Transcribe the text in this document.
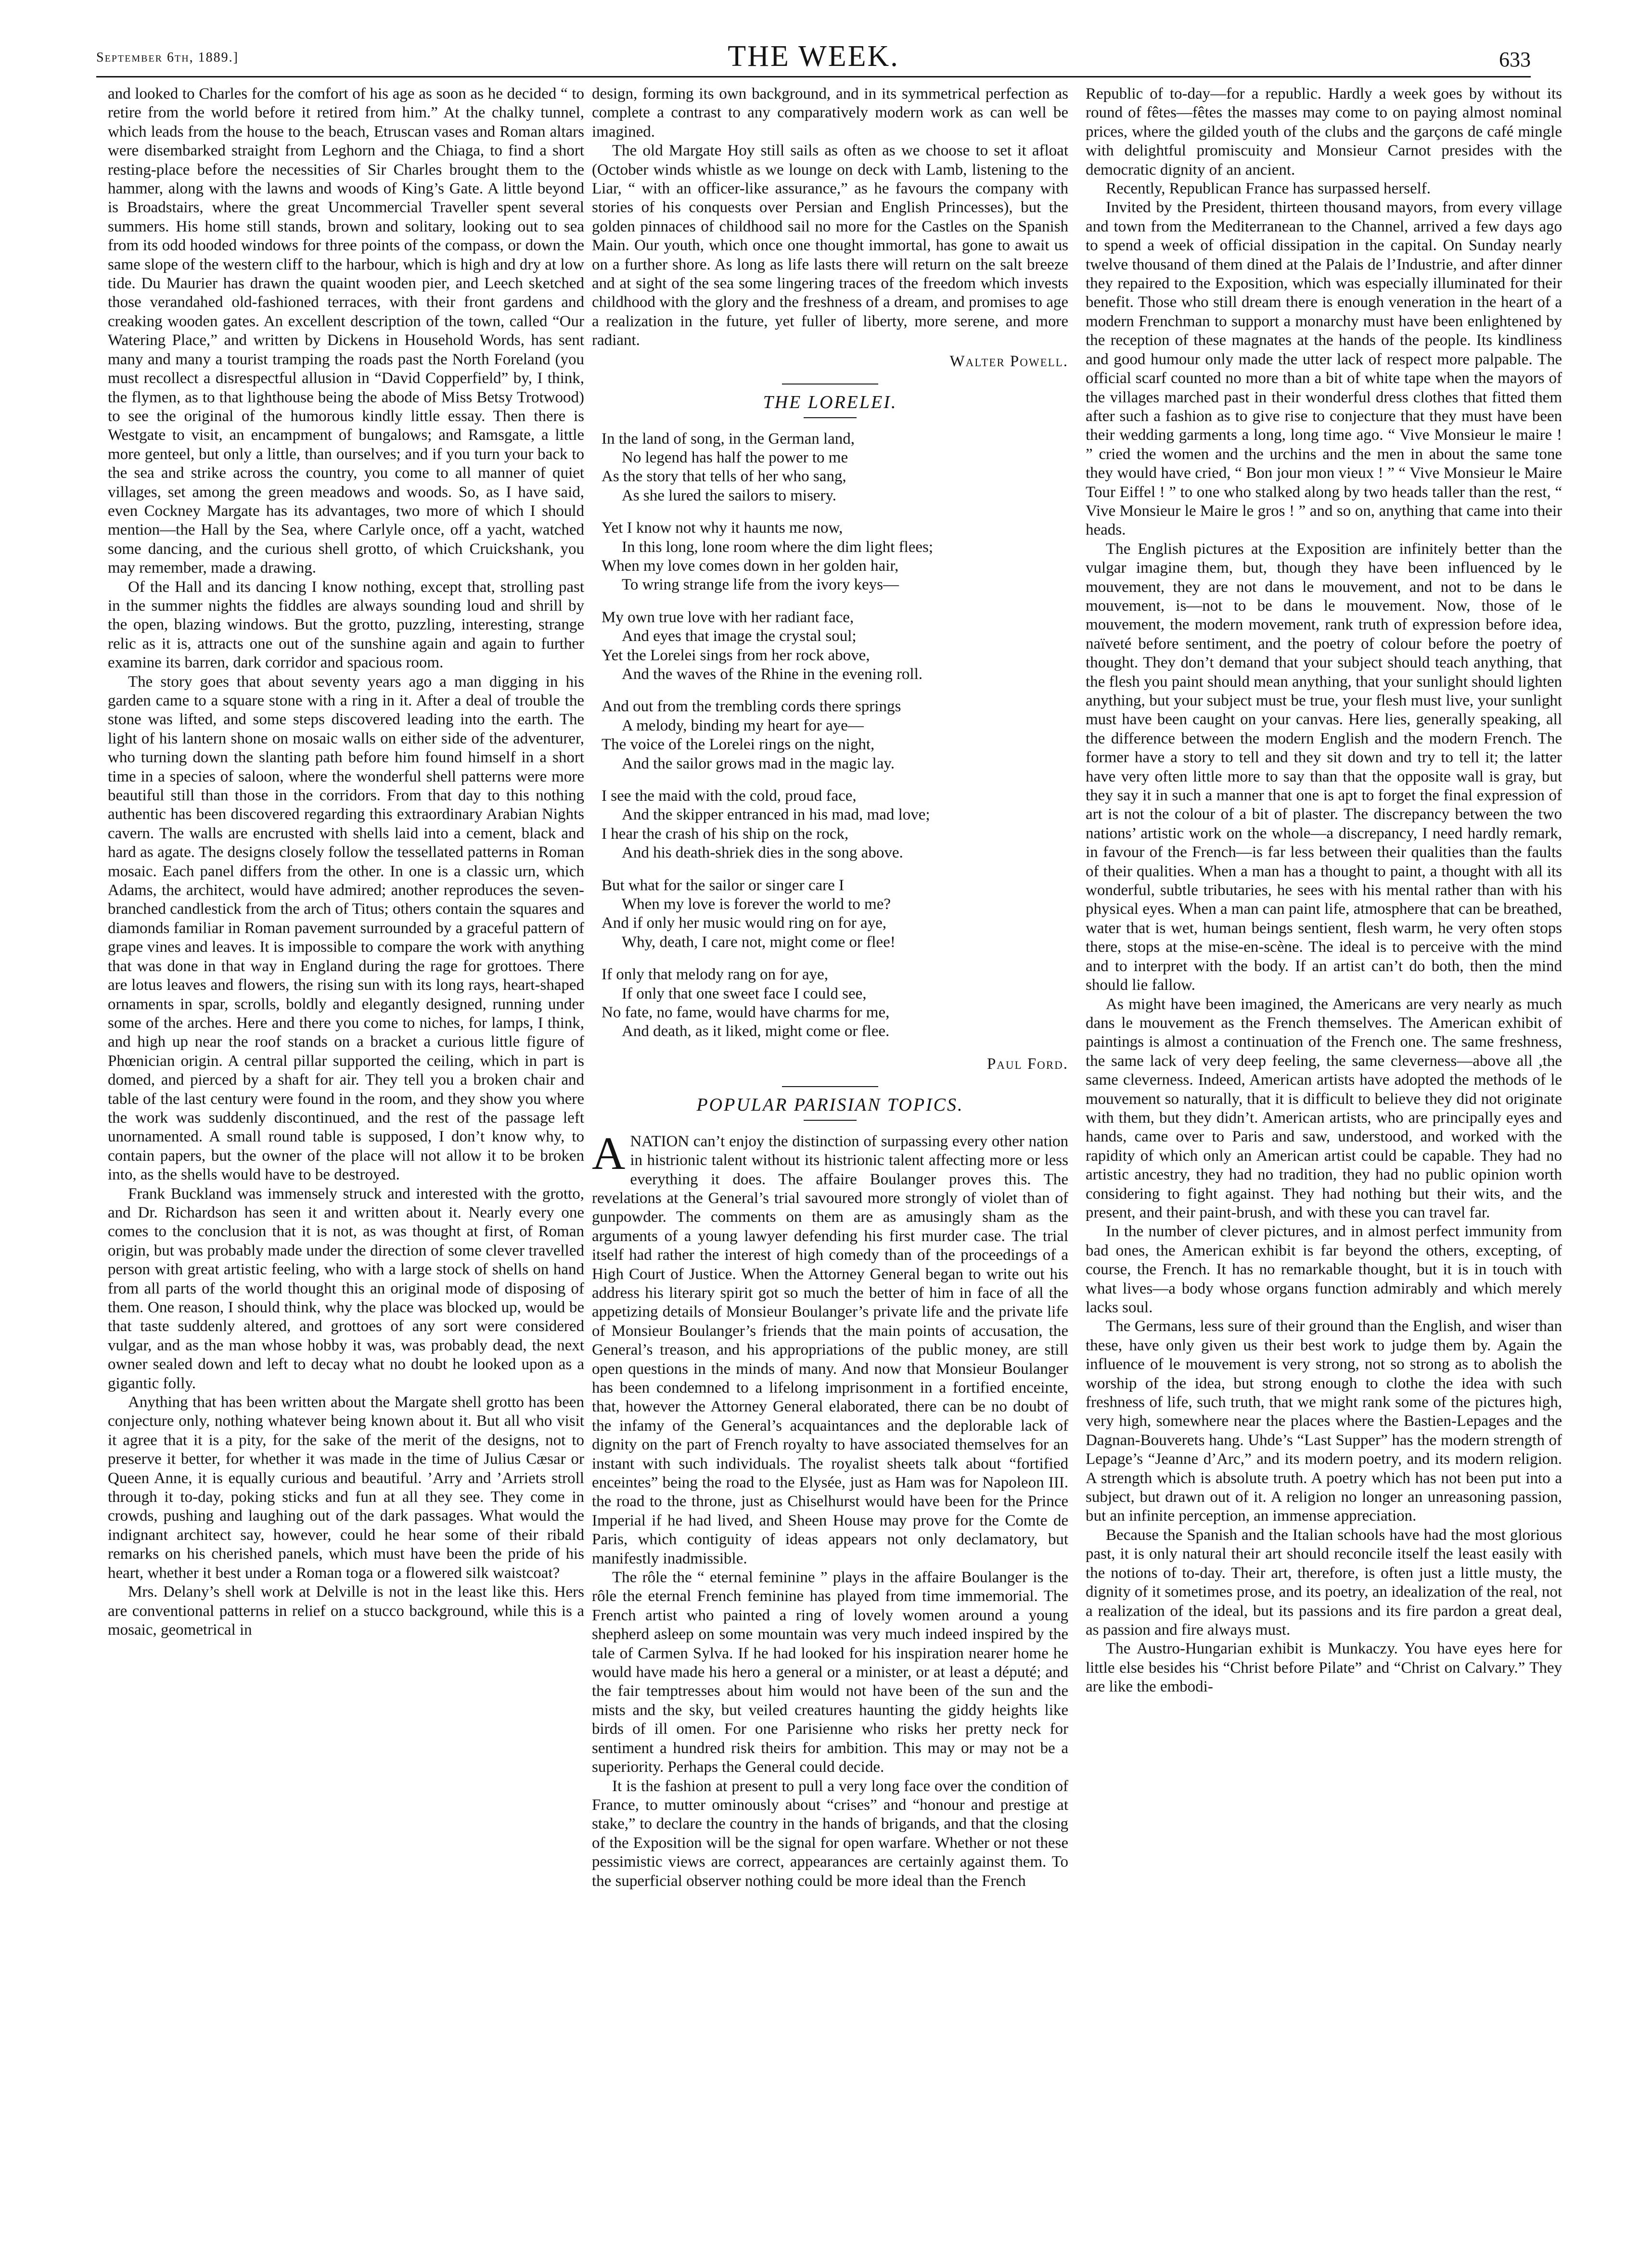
September 6th, 1889.]	THE WEEK.	633

and looked to Charles for the comfort of his age as soon as he decided “ to retire from the world before it retired from him.” At the chalky tunnel, which leads from the house to the beach, Etruscan vases and Roman altars were disembarked straight from Leghorn and the Chiaga, to find a short resting-place before the necessities of Sir Charles brought them to the hammer, along with the lawns and woods of King’s Gate. A little beyond is Broadstairs, where the great Uncommercial Traveller spent several summers. His home still stands, brown and solitary, looking out to sea from its odd hooded windows for three points of the compass, or down the same slope of the western cliff to the harbour, which is high and dry at low tide. Du Maurier has drawn the quaint wooden pier, and Leech sketched those verandahed old-fashioned terraces, with their front gardens and creaking wooden gates. An excellent description of the town, called “Our Watering Place,” and written by Dickens in Household Words, has sent many and many a tourist tramping the roads past the North Foreland (you must recollect a disrespectful allusion in “David Copperfield” by, I think, the flymen, as to that lighthouse being the abode of Miss Betsy Trotwood) to see the original of the humorous kindly little essay. Then there is Westgate to visit, an encampment of bungalows; and Ramsgate, a little more genteel, but only a little, than ourselves; and if you turn your back to the sea and strike across the country, you come to all manner of quiet villages, set among the green meadows and woods. So, as I have said, even Cockney Margate has its advantages, two more of which I should mention—the Hall by the Sea, where Carlyle once, off a yacht, watched some dancing, and the curious shell grotto, of which Cruickshank, you may remember, made a drawing.

Of the Hall and its dancing I know nothing, except that, strolling past in the summer nights the fiddles are always sounding loud and shrill by the open, blazing windows. But the grotto, puzzling, interesting, strange relic as it is, attracts one out of the sunshine again and again to further examine its barren, dark corridor and spacious room.

The story goes that about seventy years ago a man digging in his garden came to a square stone with a ring in it. After a deal of trouble the stone was lifted, and some steps discovered leading into the earth. The light of his lantern shone on mosaic walls on either side of the adventurer, who turning down the slanting path before him found himself in a short time in a species of saloon, where the wonderful shell patterns were more beautiful still than those in the corridors. From that day to this nothing authentic has been discovered regarding this extraordinary Arabian Nights cavern. The walls are encrusted with shells laid into a cement, black and hard as agate. The designs closely follow the tessellated patterns in Roman mosaic. Each panel differs from the other. In one is a classic urn, which Adams, the architect, would have admired; another reproduces the seven-branched candlestick from the arch of Titus; others contain the squares and diamonds familiar in Roman pavement surrounded by a graceful pattern of grape vines and leaves. It is impossible to compare the work with anything that was done in that way in England during the rage for grottoes. There are lotus leaves and flowers, the rising sun with its long rays, heart-shaped ornaments in spar, scrolls, boldly and elegantly designed, running under some of the arches. Here and there you come to niches, for lamps, I think, and high up near the roof stands on a bracket a curious little figure of Phœnician origin. A central pillar supported the ceiling, which in part is domed, and pierced by a shaft for air. They tell you a broken chair and table of the last century were found in the room, and they show you where the work was suddenly discontinued, and the rest of the passage left unornamented. A small round table is supposed, I don’t know why, to contain papers, but the owner of the place will not allow it to be broken into, as the shells would have to be destroyed.

Frank Buckland was immensely struck and interested with the grotto, and Dr. Richardson has seen it and written about it. Nearly every one comes to the conclusion that it is not, as was thought at first, of Roman origin, but was probably made under the direction of some clever travelled person with great artistic feeling, who with a large stock of shells on hand from all parts of the world thought this an original mode of disposing of them. One reason, I should think, why the place was blocked up, would be that taste suddenly altered, and grottoes of any sort were considered vulgar, and as the man whose hobby it was, was probably dead, the next owner sealed down and left to decay what no doubt he looked upon as a gigantic folly.

Anything that has been written about the Margate shell grotto has been conjecture only, nothing whatever being known about it. But all who visit it agree that it is a pity, for the sake of the merit of the designs, not to preserve it better, for whether it was made in the time of Julius Cæsar or Queen Anne, it is equally curious and beautiful. ’Arry and ’Arriets stroll through it to-day, poking sticks and fun at all they see. They come in crowds, pushing and laughing out of the dark passages. What would the indignant architect say, however, could he hear some of their ribald remarks on his cherished panels, which must have been the pride of his heart, whether it best under a Roman toga or a flowered silk waistcoat?

Mrs. Delany’s shell work at Delville is not in the least like this. Hers are conventional patterns in relief on a stucco background, while this is a mosaic, geometrical in

design, forming its own background, and in its symmetrical perfection as complete a contrast to any comparatively modern work as can well be imagined.

The old Margate Hoy still sails as often as we choose to set it afloat (October winds whistle as we lounge on deck with Lamb, listening to the Liar, “ with an officer-like assurance,” as he favours the company with stories of his conquests over Persian and English Princesses), but the golden pinnaces of childhood sail no more for the Castles on the Spanish Main. Our youth, which once one thought immortal, has gone to await us on a further shore. As long as life lasts there will return on the salt breeze and at sight of the sea some lingering traces of the freedom which invests childhood with the glory and the freshness of a dream, and promises to age a realization in the future, yet fuller of liberty, more serene, and more radiant.

Walter Powell.
THE LORELEI.
In the land of song, in the German land,
No legend has half the power to me
As the story that tells of her who sang,
As she lured the sailors to misery.
Yet I know not why it haunts me now,
In this long, lone room where the dim light flees;
When my love comes down in her golden hair,
To wring strange life from the ivory keys—
My own true love with her radiant face,
And eyes that image the crystal soul;
Yet the Lorelei sings from her rock above,
And the waves of the Rhine in the evening roll.
And out from the trembling cords there springs
A melody, binding my heart for aye—
The voice of the Lorelei rings on the night,
And the sailor grows mad in the magic lay.
I see the maid with the cold, proud face,
And the skipper entranced in his mad, mad love;
I hear the crash of his ship on the rock,
And his death-shriek dies in the song above.
But what for the sailor or singer care I
When my love is forever the world to me?
And if only her music would ring on for aye,
Why, death, I care not, might come or flee!
If only that melody rang on for aye,
If only that one sweet face I could see,
No fate, no fame, would have charms for me,
And death, as it liked, might come or flee.
Paul Ford.
POPULAR PARISIAN TOPICS.

ANATION can’t enjoy the distinction of surpassing every other nation in histrionic talent without its histrionic talent affecting more or less everything it does. The affaire Boulanger proves this. The revelations at the General’s trial savoured more strongly of violet than of gunpowder. The comments on them are as amusingly sham as the arguments of a young lawyer defending his first murder case. The trial itself had rather the interest of high comedy than of the proceedings of a High Court of Justice. When the Attorney General began to write out his address his literary spirit got so much the better of him in face of all the appetizing details of Monsieur Boulanger’s private life and the private life of Monsieur Boulanger’s friends that the main points of accusation, the General’s treason, and his appropriations of the public money, are still open questions in the minds of many. And now that Monsieur Boulanger has been condemned to a lifelong imprisonment in a fortified enceinte, that, however the Attorney General elaborated, there can be no doubt of the infamy of the General’s acquaintances and the deplorable lack of dignity on the part of French royalty to have associated themselves for an instant with such individuals. The royalist sheets talk about “fortified enceintes” being the road to the Elysée, just as Ham was for Napoleon III. the road to the throne, just as Chiselhurst would have been for the Prince Imperial if he had lived, and Sheen House may prove for the Comte de Paris, which contiguity of ideas appears not only declamatory, but manifestly inadmissible.

The rôle the “ eternal feminine ” plays in the affaire Boulanger is the rôle the eternal French feminine has played from time immemorial. The French artist who painted a ring of lovely women around a young shepherd asleep on some mountain was very much indeed inspired by the tale of Carmen Sylva. If he had looked for his inspiration nearer home he would have made his hero a general or a minister, or at least a député; and the fair temptresses about him would not have been of the sun and the mists and the sky, but veiled creatures haunting the giddy heights like birds of ill omen. For one Parisienne who risks her pretty neck for sentiment a hundred risk theirs for ambition. This may or may not be a superiority. Perhaps the General could decide.

It is the fashion at present to pull a very long face over the condition of France, to mutter ominously about “crises” and “honour and prestige at stake,” to declare the country in the hands of brigands, and that the closing of the Exposition will be the signal for open warfare. Whether or not these pessimistic views are correct, appearances are certainly against them. To the superficial observer nothing could be more ideal than the French

Republic of to-day—for a republic. Hardly a week goes by without its round of fêtes—fêtes the masses may come to on paying almost nominal prices, where the gilded youth of the clubs and the garçons de café mingle with delightful promiscuity and Monsieur Carnot presides with the democratic dignity of an ancient.

Recently, Republican France has surpassed herself.

Invited by the President, thirteen thousand mayors, from every village and town from the Mediterranean to the Channel, arrived a few days ago to spend a week of official dissipation in the capital. On Sunday nearly twelve thousand of them dined at the Palais de l’Industrie, and after dinner they repaired to the Exposition, which was especially illuminated for their benefit. Those who still dream there is enough veneration in the heart of a modern Frenchman to support a monarchy must have been enlightened by the reception of these magnates at the hands of the people. Its kindliness and good humour only made the utter lack of respect more palpable. The official scarf counted no more than a bit of white tape when the mayors of the villages marched past in their wonderful dress clothes that fitted them after such a fashion as to give rise to conjecture that they must have been their wedding garments a long, long time ago. “ Vive Monsieur le maire ! ” cried the women and the urchins and the men in about the same tone they would have cried, “ Bon jour mon vieux ! ” “ Vive Monsieur le Maire Tour Eiffel ! ” to one who stalked along by two heads taller than the rest, “ Vive Monsieur le Maire le gros ! ” and so on, anything that came into their heads.

The English pictures at the Exposition are infinitely better than the vulgar imagine them, but, though they have been influenced by le mouvement, they are not dans le mouvement, and not to be dans le mouvement, is—not to be dans le mouvement. Now, those of le mouvement, the modern movement, rank truth of expression before idea, naïveté before sentiment, and the poetry of colour before the poetry of thought. They don’t demand that your subject should teach anything, that the flesh you paint should mean anything, that your sunlight should lighten anything, but your subject must be true, your flesh must live, your sunlight must have been caught on your canvas. Here lies, generally speaking, all the difference between the modern English and the modern French. The former have a story to tell and they sit down and try to tell it; the latter have very often little more to say than that the opposite wall is gray, but they say it in such a manner that one is apt to forget the final expression of art is not the colour of a bit of plaster. The discrepancy between the two nations’ artistic work on the whole—a discrepancy, I need hardly remark, in favour of the French—is far less between their qualities than the faults of their qualities. When a man has a thought to paint, a thought with all its wonderful, subtle tributaries, he sees with his mental rather than with his physical eyes. When a man can paint life, atmosphere that can be breathed, water that is wet, human beings sentient, flesh warm, he very often stops there, stops at the mise-en-scène. The ideal is to perceive with the mind and to interpret with the body. If an artist can’t do both, then the mind should lie fallow.

As might have been imagined, the Americans are very nearly as much dans le mouvement as the French themselves. The American exhibit of paintings is almost a continuation of the French one. The same freshness, the same lack of very deep feeling, the same cleverness—above all ,the same cleverness. Indeed, American artists have adopted the methods of le mouvement so naturally, that it is difficult to believe they did not originate with them, but they didn’t. American artists, who are principally eyes and hands, came over to Paris and saw, understood, and worked with the rapidity of which only an American artist could be capable. They had no artistic ancestry, they had no tradition, they had no public opinion worth considering to fight against. They had nothing but their wits, and the present, and their paint-brush, and with these you can travel far.

In the number of clever pictures, and in almost perfect immunity from bad ones, the American exhibit is far beyond the others, excepting, of course, the French. It has no remarkable thought, but it is in touch with what lives—a body whose organs function admirably and which merely lacks soul.

The Germans, less sure of their ground than the English, and wiser than these, have only given us their best work to judge them by. Again the influence of le mouvement is very strong, not so strong as to abolish the worship of the idea, but strong enough to clothe the idea with such freshness of life, such truth, that we might rank some of the pictures high, very high, somewhere near the places where the Bastien-Lepages and the Dagnan-Bouverets hang. Uhde’s “Last Supper” has the modern strength of Lepage’s “Jeanne d’Arc,” and its modern poetry, and its modern religion. A strength which is absolute truth. A poetry which has not been put into a subject, but drawn out of it. A religion no longer an unreasoning passion, but an infinite perception, an immense appreciation.

Because the Spanish and the Italian schools have had the most glorious past, it is only natural their art should reconcile itself the least easily with the notions of to-day. Their art, therefore, is often just a little musty, the dignity of it sometimes prose, and its poetry, an idealization of the real, not a realization of the ideal, but its passions and its fire pardon a great deal, as passion and fire always must.

The Austro-Hungarian exhibit is Munkaczy. You have eyes here for little else besides his “Christ before Pilate” and “Christ on Calvary.” They are like the embodi-
